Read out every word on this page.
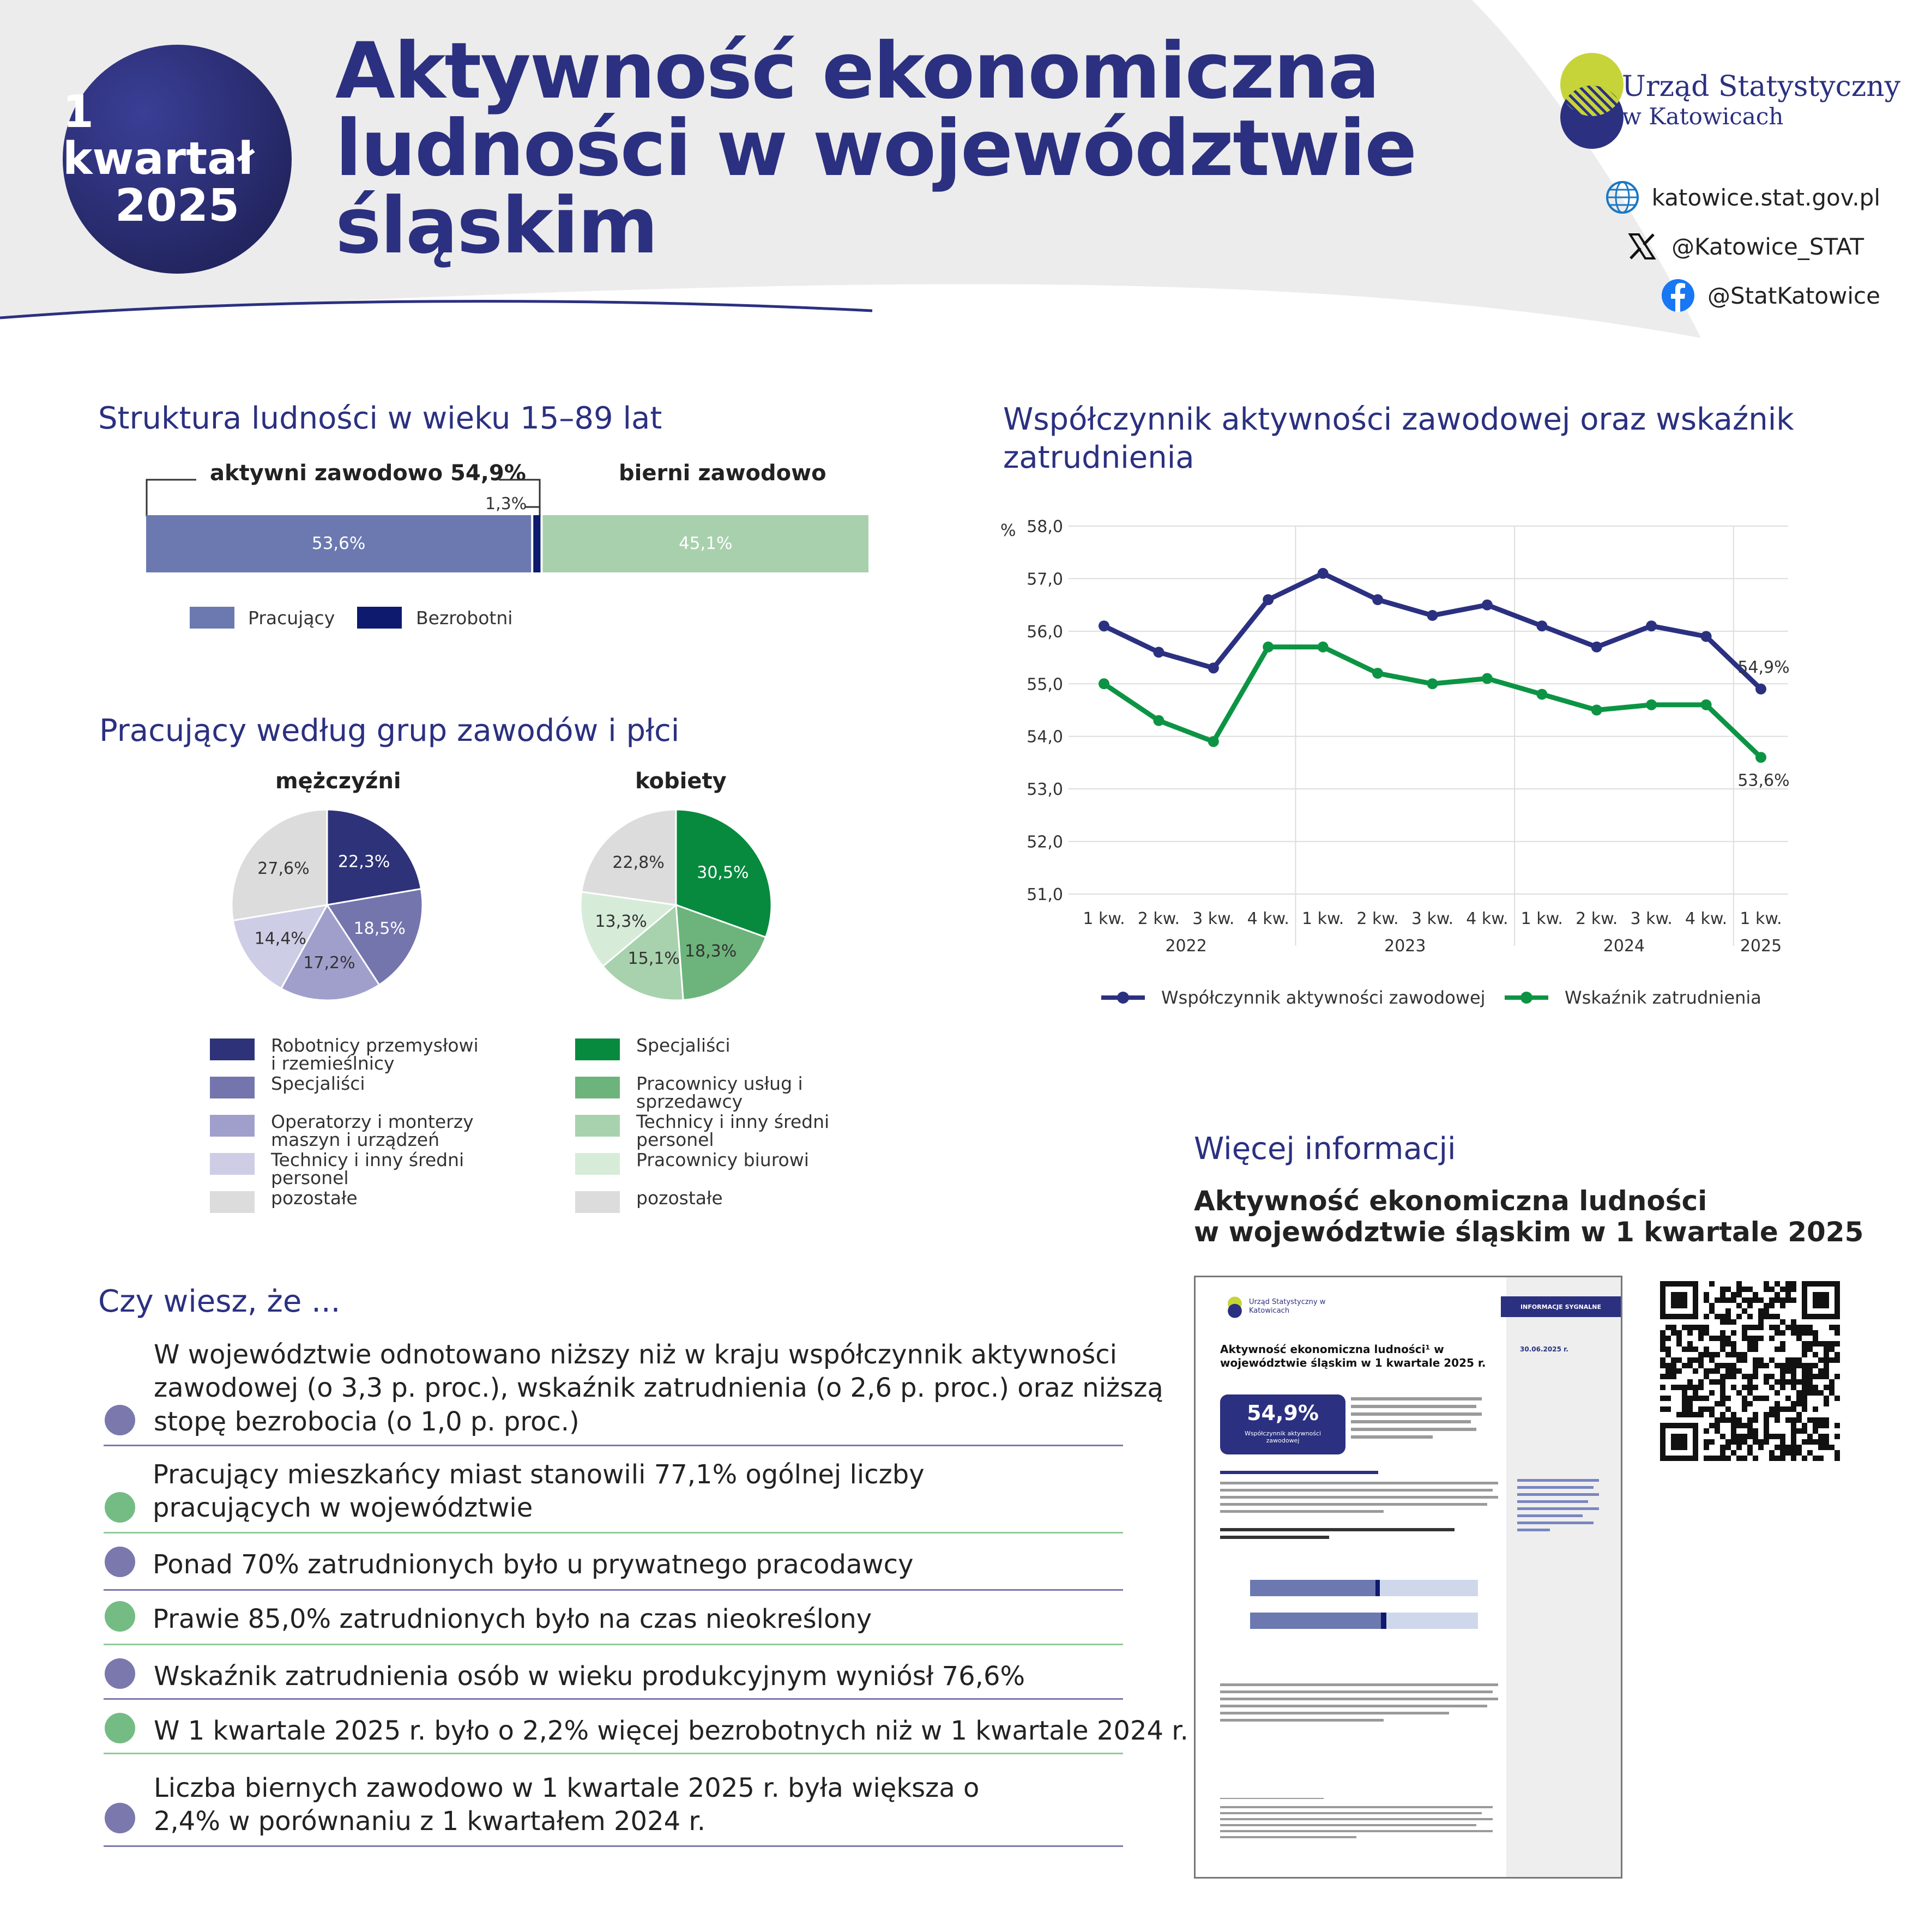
1 kwartał
2025
Aktywność ekonomiczna
ludności w województwie
śląskim
Urząd Statystyczny
w Katowicach
katowice.stat.gov.pl
@Katowice_STAT
@StatKatowice
Struktura ludności w wieku 15–89 lat
aktywni zawodowo 54,9%	bierni zawodowo
53,6%	45,1%
1,3%
Pracujący	Bezrobotni
Pracujący według grup zawodów i płci
mężczyźni	kobiety
22,3%
18,5%
17,2%
14,4%
27,6%	30,5%
18,3%
15,1%
13,3%
22,8%
Robotnicy przemysłowi i rzemieślnicy
Specjaliści
Operatorzy i monterzy maszyn i urządzeń
Technicy i inny średni personel
pozostałe
Specjaliści
Pracownicy usług i sprzedawcy
Technicy i inny średni personel
Pracownicy biurowi
pozostałe
Współczynnik aktywności zawodowej oraz wskaźnik
zatrudnienia
51,0
52,0
53,0
54,0
55,0
56,0
57,0
58,0
%
1 kw. 2 kw. 3 kw. 4 kw. 1 kw. 2 kw. 3 kw. 4 kw. 1 kw. 2 kw. 3 kw. 4 kw. 1 kw.
2022	2023	2024	2025
54,9%
53,6%
Współczynnik aktywności zawodowej	Wskaźnik zatrudnienia
Czy wiesz, że ...
W województwie odnotowano niższy niż w kraju współczynnik aktywności zawodowej (o 3,3 p. proc.), wskaźnik zatrudnienia (o 2,6 p. proc.) oraz niższą stopę bezrobocia (o 1,0 p. proc.)
Pracujący mieszkańcy miast stanowili 77,1% ogólnej liczby pracujących w województwie
Ponad 70% zatrudnionych było u prywatnego pracodawcy
Prawie 85,0% zatrudnionych było na czas nieokreślony
Wskaźnik zatrudnienia osób w wieku produkcyjnym wyniósł 76,6%
W 1 kwartale 2025 r. było o 2,2% więcej bezrobotnych niż w 1 kwartale 2024 r.
Liczba biernych zawodowo w 1 kwartale 2025 r. była większa o 2,4% w porównaniu z 1 kwartałem 2024 r.
Więcej informacji
Aktywność ekonomiczna ludności
w województwie śląskim w 1 kwartale 2025
Urząd Statystyczny w Katowicach	INFORMACJE SYGNALNE
Aktywność ekonomiczna ludności¹ w województwie śląskim w 1 kwartale 2025 r.
30.06.2025 r.
54,9%
Współczynnik aktywności zawodowej
